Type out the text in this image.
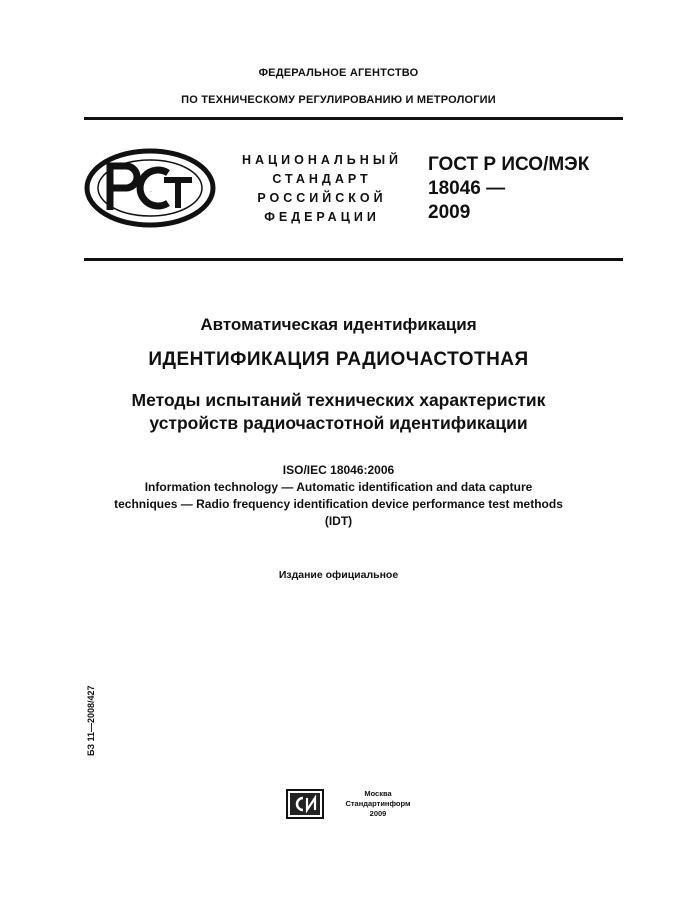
ФЕДЕРАЛЬНОЕ АГЕНТСТВО
ПО ТЕХНИЧЕСКОМУ РЕГУЛИРОВАНИЮ И МЕТРОЛОГИИ
РСТ
НАЦИОНАЛЬНЫЙ
СТАНДАРТ
РОССИЙСКОЙ
ФЕДЕРАЦИИ
ГОСТ Р ИСО/МЭК
18046 —
2009
Автоматическая идентификация
ИДЕНТИФИКАЦИЯ РАДИОЧАСТОТНАЯ
Методы испытаний технических характеристик
устройств радиочастотной идентификации
ISO/IEC 18046:2006
Information technology — Automatic identification and data capture
techniques — Radio frequency identification device performance test methods
(IDT)
Издание официальное
БЗ 11—2008/427
СИ	Москва
Стандартинформ
2009
